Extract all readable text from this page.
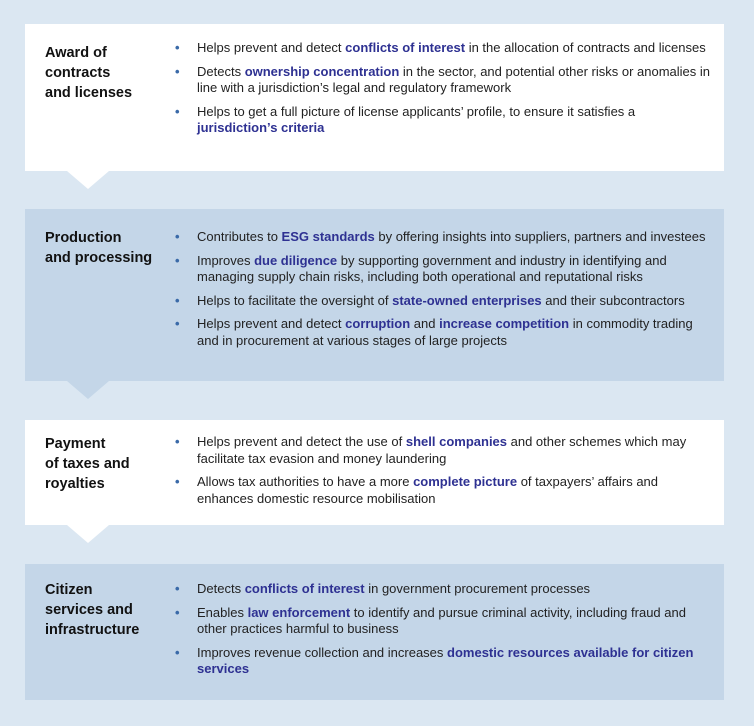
Award of
contracts
and licenses
• Helps prevent and detect conflicts of interest in the allocation of contracts and licenses
• Detects ownership concentration in the sector, and potential other risks or anomalies in line with a jurisdiction’s legal and regulatory framework
• Helps to get a full picture of license applicants’ profile, to ensure it satisfies a jurisdiction’s criteria
Production
and processing
• Contributes to ESG standards by offering insights into suppliers, partners and investees
• Improves due diligence by supporting government and industry in identifying and managing supply chain risks, including both operational and reputational risks
• Helps to facilitate the oversight of state-owned enterprises and their subcontractors
• Helps prevent and detect corruption and increase competition in commodity trading and in procurement at various stages of large projects
Payment
of taxes and
royalties
• Helps prevent and detect the use of shell companies and other schemes which may facilitate tax evasion and money laundering
• Allows tax authorities to have a more complete picture of taxpayers’ affairs and enhances domestic resource mobilisation
Citizen
services and
infrastructure
• Detects conflicts of interest in government procurement processes
• Enables law enforcement to identify and pursue criminal activity, including fraud and other practices harmful to business
• Improves revenue collection and increases domestic resources available for citizen services
